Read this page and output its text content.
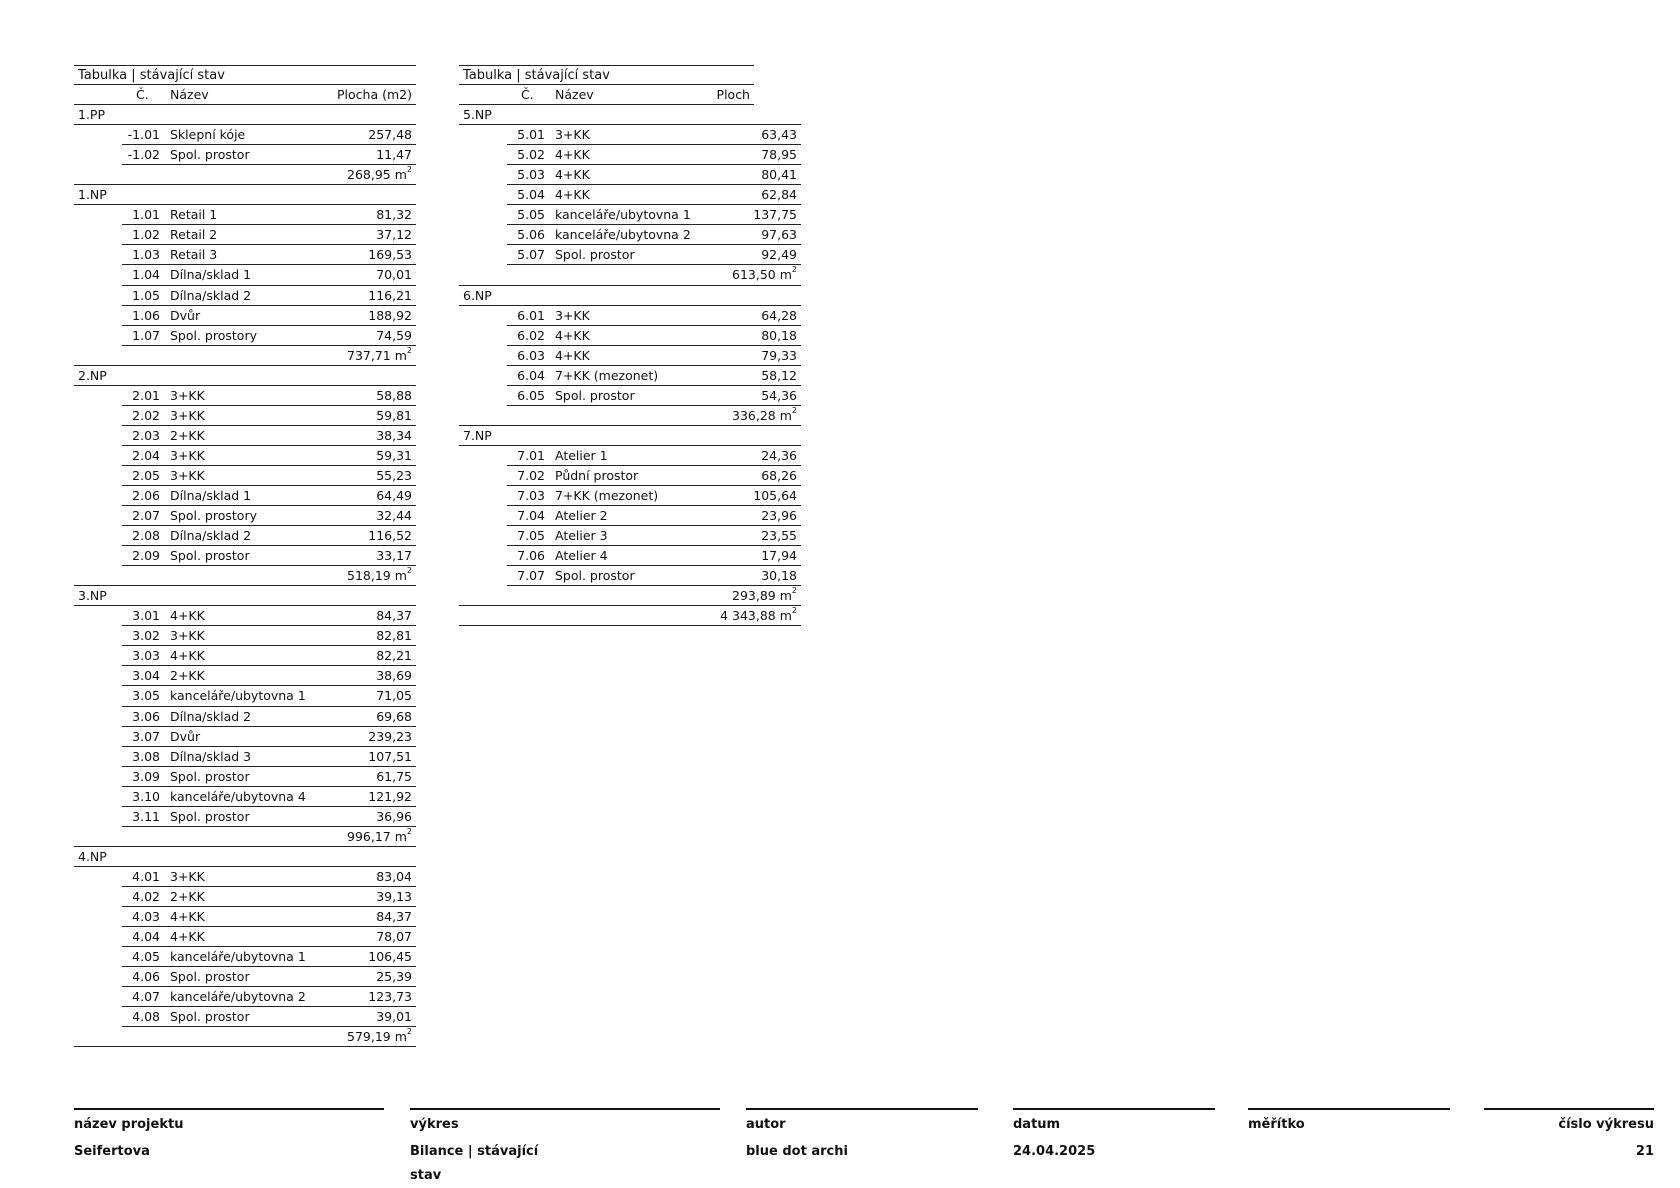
Tabulka | stávající stav
Č. Název	Plocha (m2)
1.PP
-1.01 Sklepní kóje	257,48
-1.02 Spol. prostor	11,47
268,95 $m^2$
1.NP
1.01 Retail 1	81,32
1.02 Retail 2	37,12
1.03 Retail 3	169,53
1.04 Dílna/sklad 1	70,01
1.05 Dílna/sklad 2	116,21
1.06 Dvůr	188,92
1.07 Spol. prostory	74,59
737,71 $m^2$
2.NP
2.01 3+KK	58,88
2.02 3+KK	59,81
2.03 2+KK	38,34
2.04 3+KK	59,31
2.05 3+KK	55,23
2.06 Dílna/sklad 1	64,49
2.07 Spol. prostory	32,44
2.08 Dílna/sklad 2	116,52
2.09 Spol. prostor	33,17
518,19 $m^2$
3.NP
3.01 4+KK	84,37
3.02 3+KK	82,81
3.03 4+KK	82,21
3.04 2+KK	38,69
3.05 kanceláře/ubytovna 1	71,05
3.06 Dílna/sklad 2	69,68
3.07 Dvůr	239,23
3.08 Dílna/sklad 3	107,51
3.09 Spol. prostor	61,75
3.10 kanceláře/ubytovna 4	121,92
3.11 Spol. prostor	36,96
996,17 $m^2$
4.NP
4.01 3+KK	83,04
4.02 2+KK	39,13
4.03 4+KK	84,37
4.04 4+KK	78,07
4.05 kanceláře/ubytovna 1	106,45
4.06 Spol. prostor	25,39
4.07 kanceláře/ubytovna 2	123,73
4.08 Spol. prostor	39,01
579,19 $m^2$
Tabulka | stávající stav
Č. Název	Ploch
5.NP
5.01 3+KK	63,43
5.02 4+KK	78,95
5.03 4+KK	80,41
5.04 4+KK	62,84
5.05 kanceláře/ubytovna 1	137,75
5.06 kanceláře/ubytovna 2	97,63
5.07 Spol. prostor	92,49
613,50 $m^2$
6.NP
6.01 3+KK	64,28
6.02 4+KK	80,18
6.03 4+KK	79,33
6.04 7+KK (mezonet)	58,12
6.05 Spol. prostor	54,36
336,28 $m^2$
7.NP
7.01 Atelier 1	24,36
7.02 Půdní prostor	68,26
7.03 7+KK (mezonet)	105,64
7.04 Atelier 2	23,96
7.05 Atelier 3	23,55
7.06 Atelier 4	17,94
7.07 Spol. prostor	30,18
293,89 $m^2$
4 343,88 $m^2$
název projektu
Seifertova
výkres
Bilance | stávající
stav
autor
blue dot archi
datum
24.04.2025
měřítko	číslo výkresu
21
